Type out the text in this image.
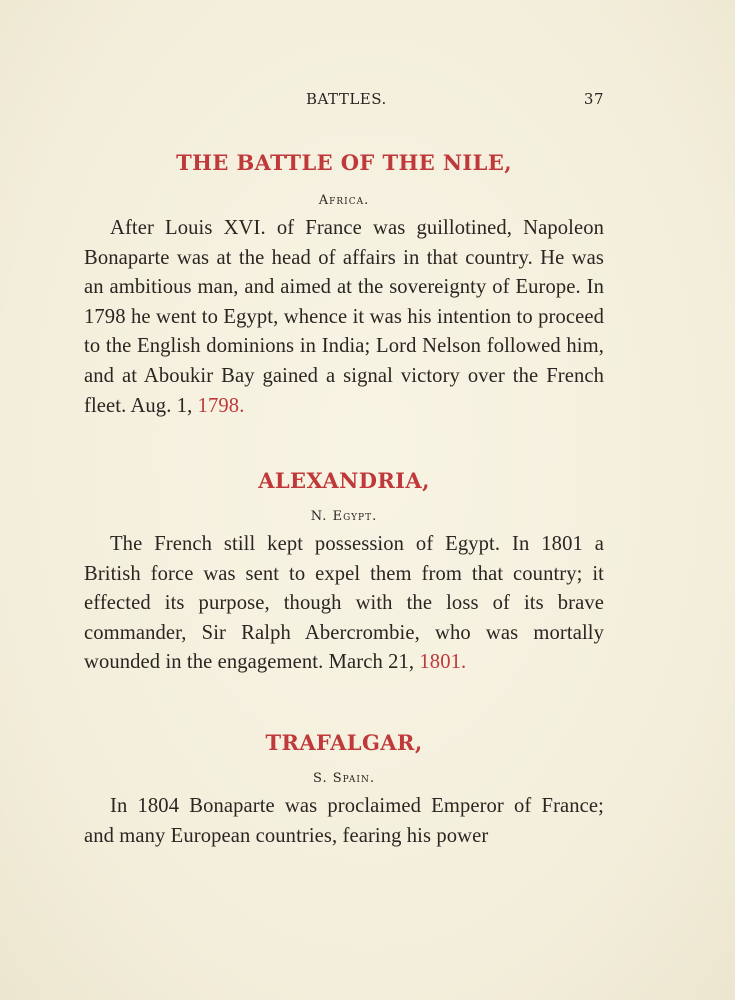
BATTLES.	37
THE BATTLE OF THE NILE,

Africa.

After Louis XVI. of France was guillotined, Napoleon Bonaparte was at the head of affairs in that country. He was an ambitious man, and aimed at the sovereignty of Europe. In 1798 he went to Egypt, whence it was his intention to proceed to the English dominions in India; Lord Nelson followed him, and at Aboukir Bay gained a signal victory over the French fleet. Aug. 1, 1798.

ALEXANDRIA,

N. Egypt.

The French still kept possession of Egypt. In 1801 a British force was sent to expel them from that country; it effected its purpose, though with the loss of its brave commander, Sir Ralph Abercrombie, who was mortally wounded in the engagement. March 21, 1801.

TRAFALGAR,

S. Spain.

In 1804 Bonaparte was proclaimed Emperor of France; and many European countries, fearing his power
